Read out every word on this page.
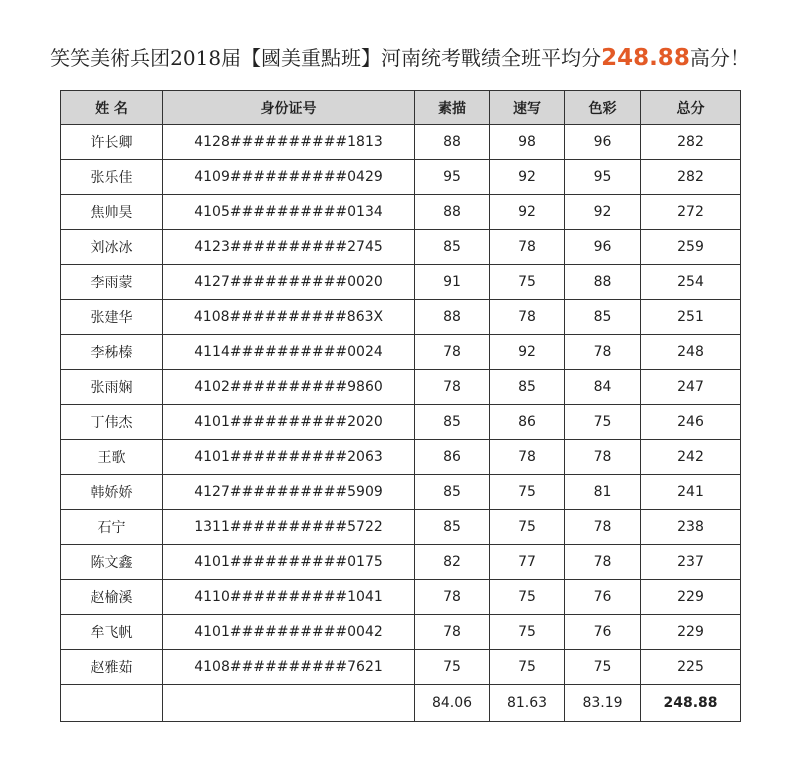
笑笑美術兵团2018届【國美重點班】河南统考戰绩全班平均分248.88高分！
姓 名	身份证号	素描	速写	色彩	总分
许长卿	4128##########1813	88	98	96	282
张乐佳	4109##########0429	95	92	95	282
焦帅昊	4105##########0134	88	92	92	272
刘冰冰	4123##########2745	85	78	96	259
李雨蒙	4127##########0020	91	75	88	254
张建华	4108##########863X	88	78	85	251
李秭榛	4114##########0024	78	92	78	248
张雨娴	4102##########9860	78	85	84	247
丁伟杰	4101##########2020	85	86	75	246
王歌	4101##########2063	86	78	78	242
韩娇娇	4127##########5909	85	75	81	241
石宁	1311##########5722	85	75	78	238
陈文鑫	4101##########0175	82	77	78	237
赵榆溪	4110##########1041	78	75	76	229
牟飞帆	4101##########0042	78	75	76	229
赵雅茹	4108##########7621	75	75	75	225
		84.06	81.63	83.19	248.88
